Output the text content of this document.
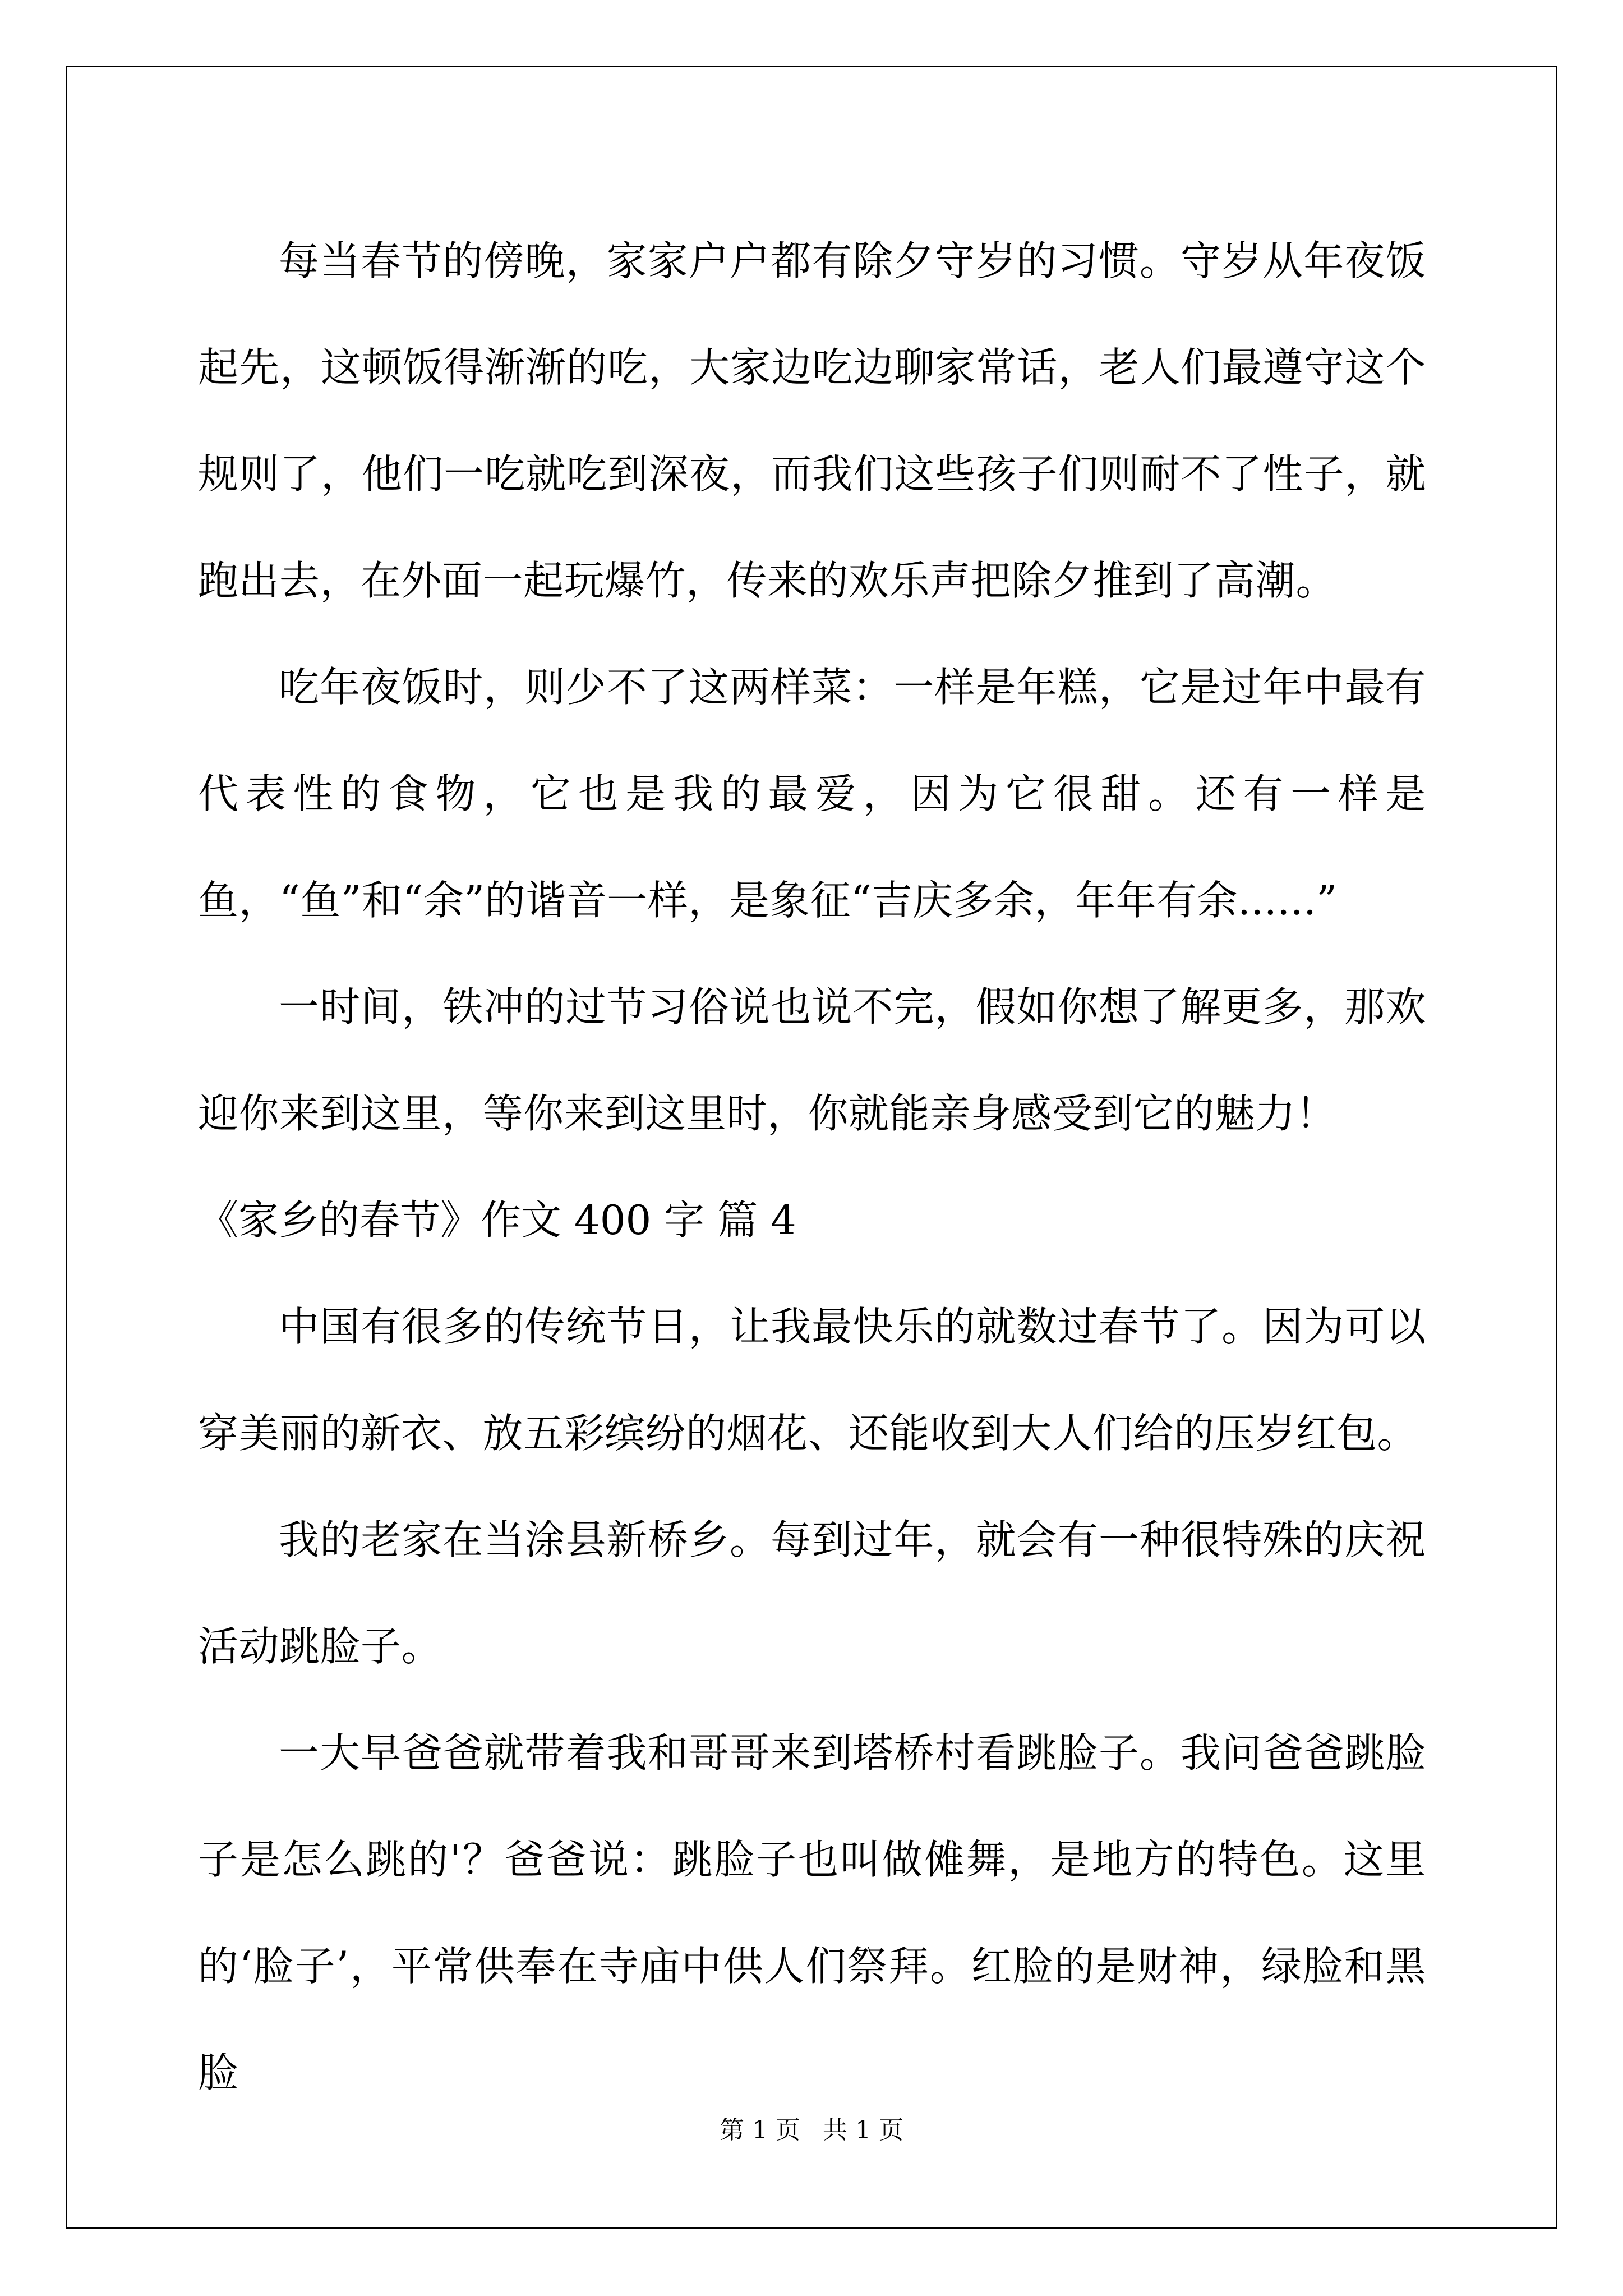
每当春节的傍晚，家家户户都有除夕守岁的习惯。守岁从年夜饭起先，这顿饭得渐渐的吃，大家边吃边聊家常话，老人们最遵守这个规则了，他们一吃就吃到深夜，而我们这些孩子们则耐不了性子，就跑出去，在外面一起玩爆竹，传来的欢乐声把除夕推到了高潮。

吃年夜饭时，则少不了这两样菜：一样是年糕，它是过年中最有代表性的食物，它也是我的最爱，因为它很甜。还有一样是鱼，“鱼”和“余”的谐音一样，是象征“吉庆多余，年年有余......”

一时间，铁冲的过节习俗说也说不完，假如你想了解更多，那欢迎你来到这里，等你来到这里时，你就能亲身感受到它的魅力！

《家乡的春节》作文 400 字 篇 4

中国有很多的传统节日，让我最快乐的就数过春节了。因为可以穿美丽的新衣、放五彩缤纷的烟花、还能收到大人们给的压岁红包。

我的老家在当涂县新桥乡。每到过年，就会有一种很特殊的庆祝活动跳脸子。

一大早爸爸就带着我和哥哥来到塔桥村看跳脸子。我问爸爸跳脸子是怎么跳的'？爸爸说：跳脸子也叫做傩舞，是地方的特色。这里的‘脸子’，平常供奉在寺庙中供人们祭拜。红脸的是财神，绿脸和黑脸

第 1 页 共 1 页
